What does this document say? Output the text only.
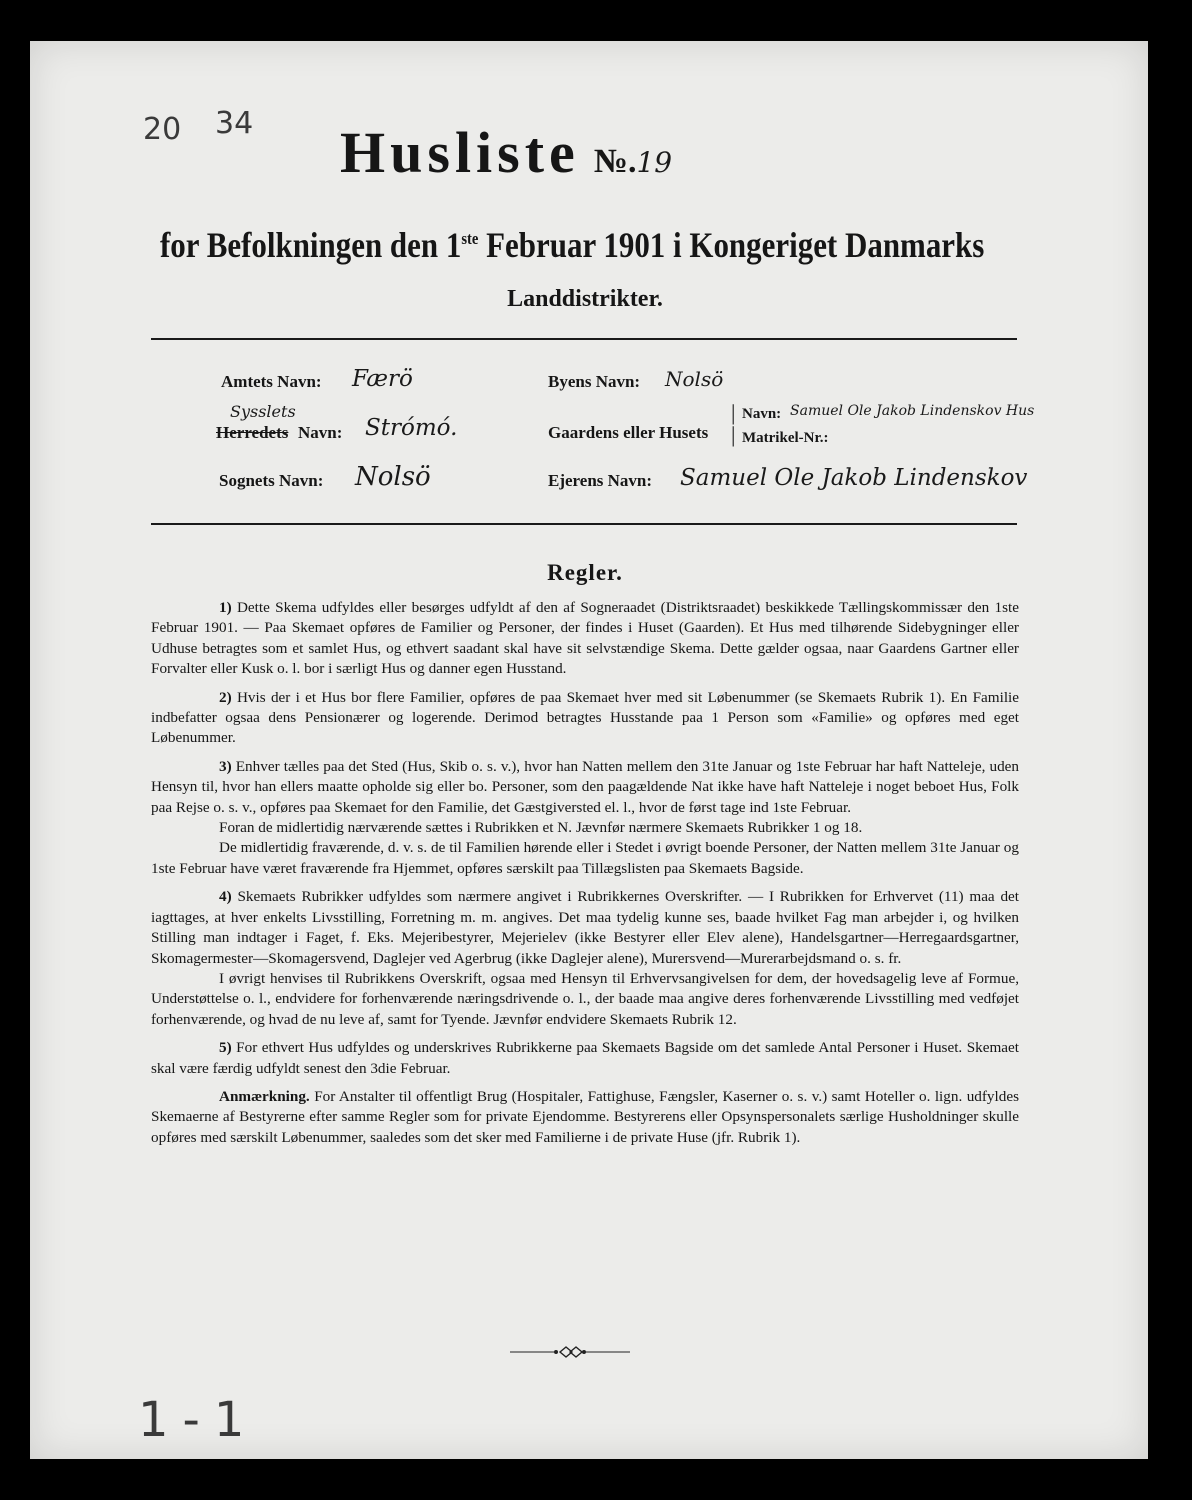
20 34 Husliste №.19
for Befolkningen den 1ste Februar 1901 i Kongeriget Danmarks
Landdistrikter.
Amtets Navn: Færö
Sysslets
Herredets Navn: Strómó.
Sognets Navn: Nolsö
Byens Navn: Nolsö
Gaardens eller Husets
|
|
Navn: Samuel Ole Jakob Lindenskov Hus
Matrikel-Nr.:
Ejerens Navn: Samuel Ole Jakob Lindenskov
Regler.

1) Dette Skema udfyldes eller besørges udfyldt af den af Sogneraadet (Distriktsraadet) beskikkede Tællingskommissær den 1ste Februar 1901. — Paa Skemaet opføres de Familier og Personer, der findes i Huset (Gaarden). Et Hus med tilhørende Sidebygninger eller Udhuse betragtes som et samlet Hus, og ethvert saadant skal have sit selvstændige Skema. Dette gælder ogsaa, naar Gaardens Gartner eller Forvalter eller Kusk o. l. bor i særligt Hus og danner egen Husstand.

2) Hvis der i et Hus bor flere Familier, opføres de paa Skemaet hver med sit Løbenummer (se Skemaets Rubrik 1). En Familie indbefatter ogsaa dens Pensionærer og logerende. Derimod betragtes Husstande paa 1 Person som «Familie» og opføres med eget Løbenummer.

3) Enhver tælles paa det Sted (Hus, Skib o. s. v.), hvor han Natten mellem den 31te Januar og 1ste Februar har haft Natteleje, uden Hensyn til, hvor han ellers maatte opholde sig eller bo. Personer, som den paagældende Nat ikke have haft Natteleje i noget beboet Hus, Folk paa Rejse o. s. v., opføres paa Skemaet for den Familie, det Gæstgiversted el. l., hvor de først tage ind 1ste Februar.

Foran de midlertidig nærværende sættes i Rubrikken et N. Jævnfør nærmere Skemaets Rubrikker 1 og 18.

De midlertidig fraværende, d. v. s. de til Familien hørende eller i Stedet i øvrigt boende Personer, der Natten mellem 31te Januar og 1ste Februar have været fraværende fra Hjemmet, opføres særskilt paa Tillægslisten paa Skemaets Bagside.

4) Skemaets Rubrikker udfyldes som nærmere angivet i Rubrikkernes Overskrifter. — I Rubrikken for Erhvervet (11) maa det iagttages, at hver enkelts Livsstilling, Forretning m. m. angives. Det maa tydelig kunne ses, baade hvilket Fag man arbejder i, og hvilken Stilling man indtager i Faget, f. Eks. Mejeribestyrer, Mejerielev (ikke Bestyrer eller Elev alene), Handelsgartner—Herregaardsgartner, Skomagermester—Skomagersvend, Daglejer ved Agerbrug (ikke Daglejer alene), Murersvend—Murerarbejdsmand o. s. fr.

I øvrigt henvises til Rubrikkens Overskrift, ogsaa med Hensyn til Erhvervsangivelsen for dem, der hovedsagelig leve af Formue, Understøttelse o. l., endvidere for forhenværende næringsdrivende o. l., der baade maa angive deres forhenværende Livsstilling med vedføjet forhenværende, og hvad de nu leve af, samt for Tyende. Jævnfør endvidere Skemaets Rubrik 12.

5) For ethvert Hus udfyldes og underskrives Rubrikkerne paa Skemaets Bagside om det samlede Antal Personer i Huset. Skemaet skal være færdig udfyldt senest den 3die Februar.

Anmærkning. For Anstalter til offentligt Brug (Hospitaler, Fattighuse, Fængsler, Kaserner o. s. v.) samt Hoteller o. lign. udfyldes Skemaerne af Bestyrerne efter samme Regler som for private Ejendomme. Bestyrerens eller Opsynspersonalets særlige Husholdninger skulle opføres med særskilt Løbenummer, saaledes som det sker med Familierne i de private Huse (jfr. Rubrik 1).

1-1
